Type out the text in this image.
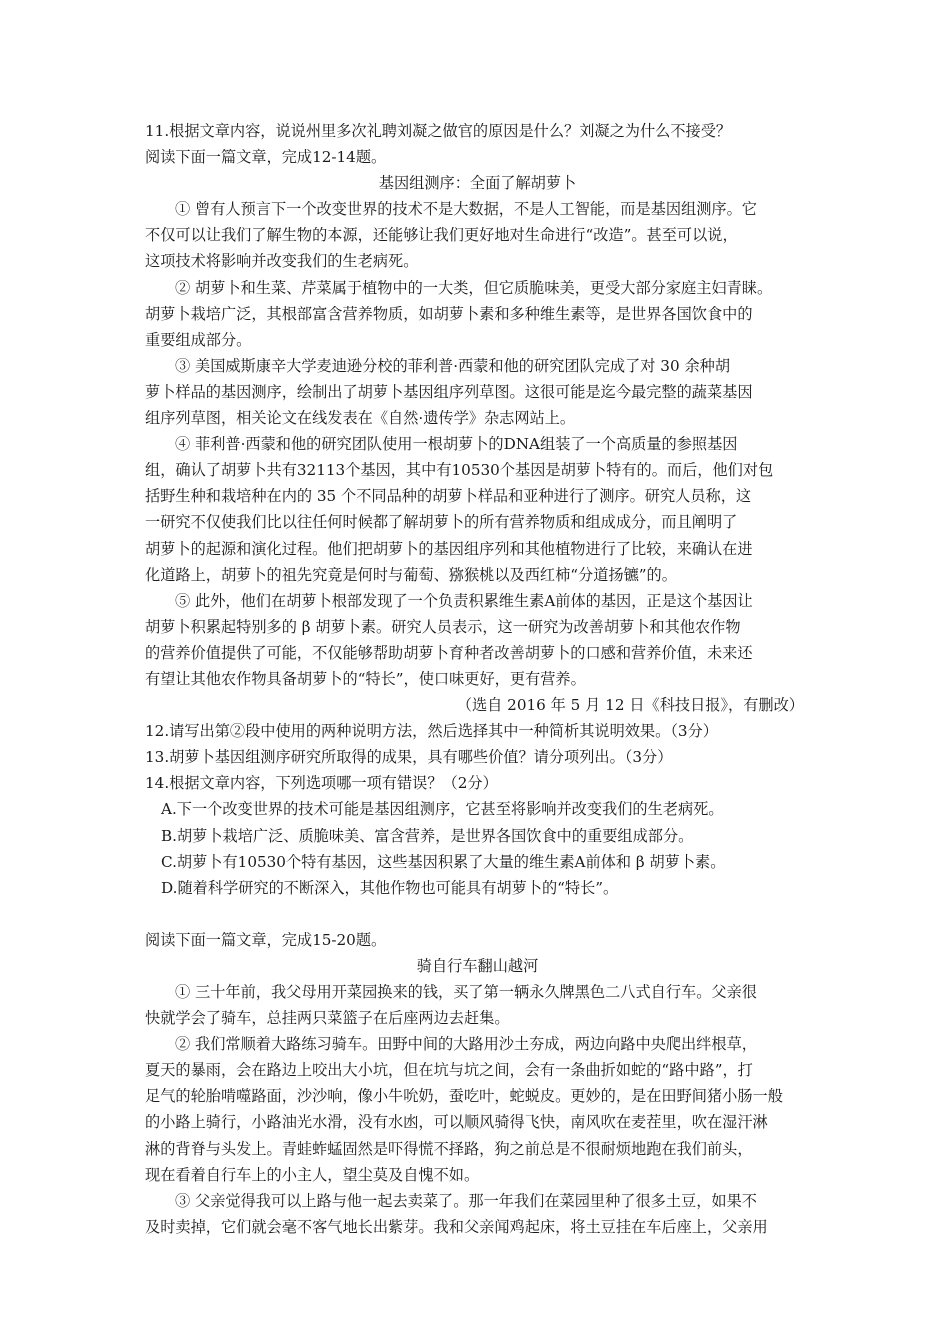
11.根据文章内容，说说州里多次礼聘刘凝之做官的原因是什么？刘凝之为什么不接受？
阅读下面一篇文章，完成12-14题。
基因组测序：全面了解胡萝卜
① 曾有人预言下一个改变世界的技术不是大数据，不是人工智能，而是基因组测序。它
不仅可以让我们了解生物的本源，还能够让我们更好地对生命进行“改造”。甚至可以说，
这项技术将影响并改变我们的生老病死。
② 胡萝卜和生菜、芹菜属于植物中的一大类，但它质脆味美，更受大部分家庭主妇青睐。
胡萝卜栽培广泛，其根部富含营养物质，如胡萝卜素和多种维生素等，是世界各国饮食中的
重要组成部分。
③ 美国威斯康辛大学麦迪逊分校的菲利普·西蒙和他的研究团队完成了对 30 余种胡
萝卜样品的基因测序，绘制出了胡萝卜基因组序列草图。这很可能是迄今最完整的蔬菜基因
组序列草图，相关论文在线发表在《自然·遗传学》杂志网站上。
④ 菲利普·西蒙和他的研究团队使用一根胡萝卜的DNA组装了一个高质量的参照基因
组，确认了胡萝卜共有32113个基因，其中有10530个基因是胡萝卜特有的。而后，他们对包
括野生种和栽培种在内的 35 个不同品种的胡萝卜样品和亚种进行了测序。研究人员称，这
一研究不仅使我们比以往任何时候都了解胡萝卜的所有营养物质和组成成分，而且阐明了
胡萝卜的起源和演化过程。他们把胡萝卜的基因组序列和其他植物进行了比较，来确认在进
化道路上，胡萝卜的祖先究竟是何时与葡萄、猕猴桃以及西红柿“分道扬镳”的。
⑤ 此外，他们在胡萝卜根部发现了一个负责积累维生素A前体的基因，正是这个基因让
胡萝卜积累起特别多的 β 胡萝卜素。研究人员表示，这一研究为改善胡萝卜和其他农作物
的营养价值提供了可能，不仅能够帮助胡萝卜育种者改善胡萝卜的口感和营养价值，未来还
有望让其他农作物具备胡萝卜的“特长”，使口味更好，更有营养。
（选自 2016 年 5 月 12 日《科技日报》，有删改）
12.请写出第②段中使用的两种说明方法，然后选择其中一种简析其说明效果。（3分）
13.胡萝卜基因组测序研究所取得的成果，具有哪些价值？请分项列出。（3分）
14.根据文章内容，下列选项哪一项有错误？（2分）
A.下一个改变世界的技术可能是基因组测序，它甚至将影响并改变我们的生老病死。
B.胡萝卜栽培广泛、质脆味美、富含营养，是世界各国饮食中的重要组成部分。
C.胡萝卜有10530个特有基因，这些基因积累了大量的维生素A前体和 β 胡萝卜素。
D.随着科学研究的不断深入，其他作物也可能具有胡萝卜的“特长”。
阅读下面一篇文章，完成15-20题。
骑自行车翻山越河
① 三十年前，我父母用开菜园换来的钱，买了第一辆永久牌黑色二八式自行车。父亲很
快就学会了骑车，总挂两只菜篮子在后座两边去赶集。
② 我们常顺着大路练习骑车。田野中间的大路用沙土夯成，两边向路中央爬出绊根草，
夏天的暴雨，会在路边上咬出大小坑，但在坑与坑之间，会有一条曲折如蛇的“路中路”，打
足气的轮胎啃噬路面，沙沙响，像小牛吮奶，蚕吃叶，蛇蜕皮。更妙的，是在田野间猪小肠一般
的小路上骑行，小路油光水滑，没有水凼，可以顺风骑得飞快，南风吹在麦茬里，吹在湿汗淋
淋的背脊与头发上。青蛙蚱蜢固然是吓得慌不择路，狗之前总是不很耐烦地跑在我们前头，
现在看着自行车上的小主人，望尘莫及自愧不如。
③ 父亲觉得我可以上路与他一起去卖菜了。那一年我们在菜园里种了很多土豆，如果不
及时卖掉，它们就会毫不客气地长出紫芽。我和父亲闻鸡起床，将土豆挂在车后座上，父亲用
